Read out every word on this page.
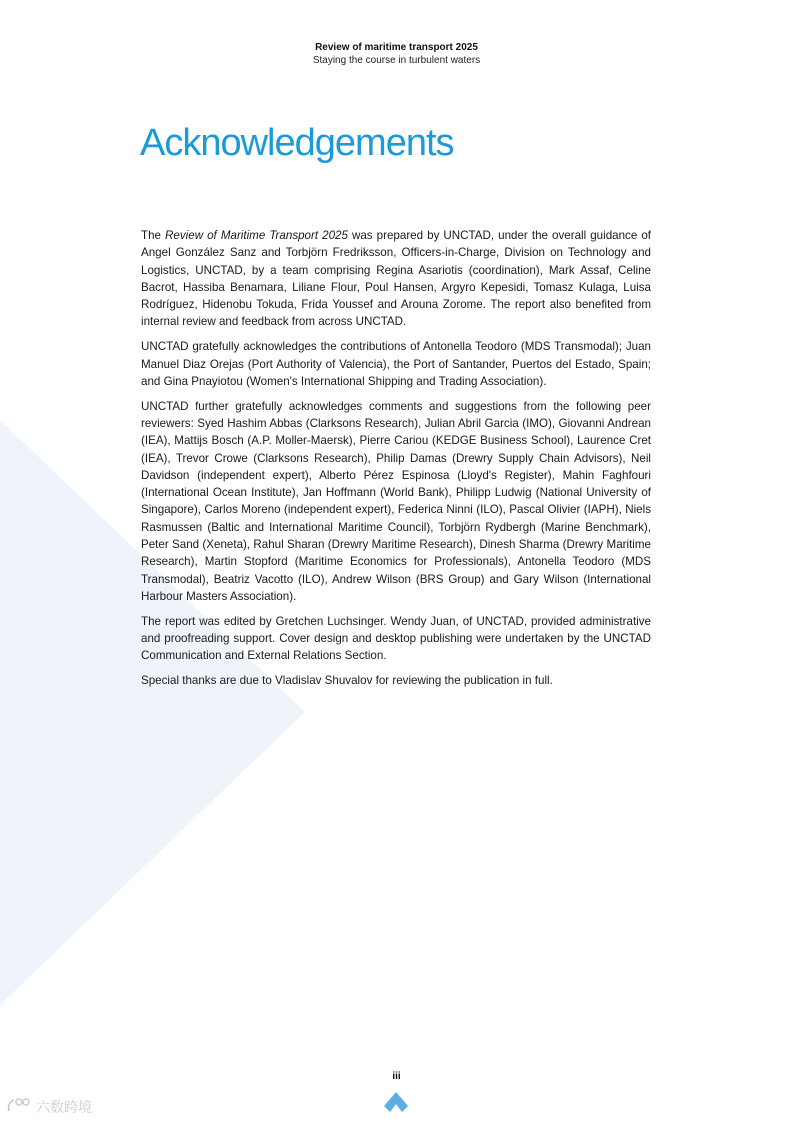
Review of maritime transport 2025
Staying the course in turbulent waters
Acknowledgements

The Review of Maritime Transport 2025 was prepared by UNCTAD, under the overall guidance of Angel González Sanz and Torbjörn Fredriksson, Officers-in-Charge, Division on Technology and Logistics, UNCTAD, by a team comprising Regina Asariotis (coordination), Mark Assaf, Celine Bacrot, Hassiba Benamara, Liliane Flour, Poul Hansen, Argyro Kepesidi, Tomasz Kulaga, Luisa Rodríguez, Hidenobu Tokuda, Frida Youssef and Arouna Zorome. The report also benefited from internal review and feedback from across UNCTAD.

UNCTAD gratefully acknowledges the contributions of Antonella Teodoro (MDS Transmodal); Juan Manuel Diaz Orejas (Port Authority of Valencia), the Port of Santander, Puertos del Estado, Spain; and Gina Pnayiotou (Women's International Shipping and Trading Association).

UNCTAD further gratefully acknowledges comments and suggestions from the following peer reviewers: Syed Hashim Abbas (Clarksons Research), Julian Abril Garcia (IMO), Giovanni Andrean (IEA), Mattijs Bosch (A.P. Moller-Maersk), Pierre Cariou (KEDGE Business School), Laurence Cret (IEA), Trevor Crowe (Clarksons Research), Philip Damas (Drewry Supply Chain Advisors), Neil Davidson (independent expert), Alberto Pérez Espinosa (Lloyd's Register), Mahin Faghfouri (International Ocean Institute), Jan Hoffmann (World Bank), Philipp Ludwig (National University of Singapore), Carlos Moreno (independent expert), Federica Ninni (ILO), Pascal Olivier (IAPH), Niels Rasmussen (Baltic and International Maritime Council), Torbjörn Rydbergh (Marine Benchmark), Peter Sand (Xeneta), Rahul Sharan (Drewry Maritime Research), Dinesh Sharma (Drewry Maritime Research), Martin Stopford (Maritime Economics for Professionals), Antonella Teodoro (MDS Transmodal), Beatriz Vacotto (ILO), Andrew Wilson (BRS Group) and Gary Wilson (International Harbour Masters Association).

The report was edited by Gretchen Luchsinger. Wendy Juan, of UNCTAD, provided administrative and proofreading support. Cover design and desktop publishing were undertaken by the UNCTAD Communication and External Relations Section.

Special thanks are due to Vladislav Shuvalov for reviewing the publication in full.

iii
六数跨境
